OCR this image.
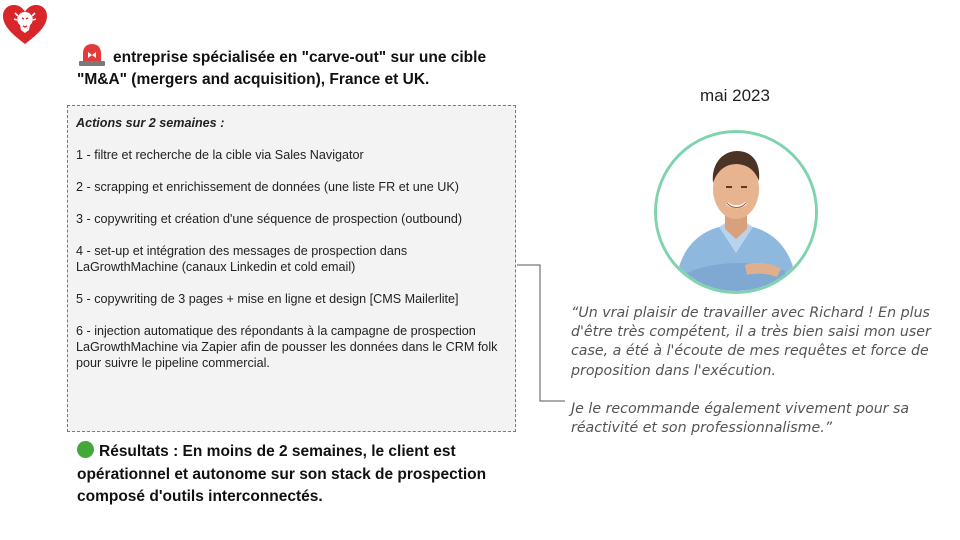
entreprise spécialisée en "carve-out" sur une cible "M&A" (mergers and acquisition), France et UK.
Actions sur 2 semaines :
1 - filtre et recherche de la cible via Sales Navigator
2 - scrapping et enrichissement de données (une liste FR et une UK)
3 - copywriting et création d'une séquence de prospection (outbound)
4 - set-up et intégration des messages de prospection dans LaGrowthMachine (canaux Linkedin et cold email)
5 - copywriting de 3 pages + mise en ligne et design [CMS Mailerlite]
6 - injection automatique des répondants à la campagne de prospection LaGrowthMachine via Zapier afin de pousser les données dans le CRM folk pour suivre le pipeline commercial.
Résultats : En moins de 2 semaines, le client est opérationnel et autonome sur son stack de prospection composé d'outils interconnectés.
mai 2023

“Un vrai plaisir de travailler avec Richard ! En plus d'être très compétent, il a très bien saisi mon user case, a été à l'écoute de mes requêtes et force de proposition dans l'exécution.

Je le recommande également vivement pour sa réactivité et son professionnalisme.”
